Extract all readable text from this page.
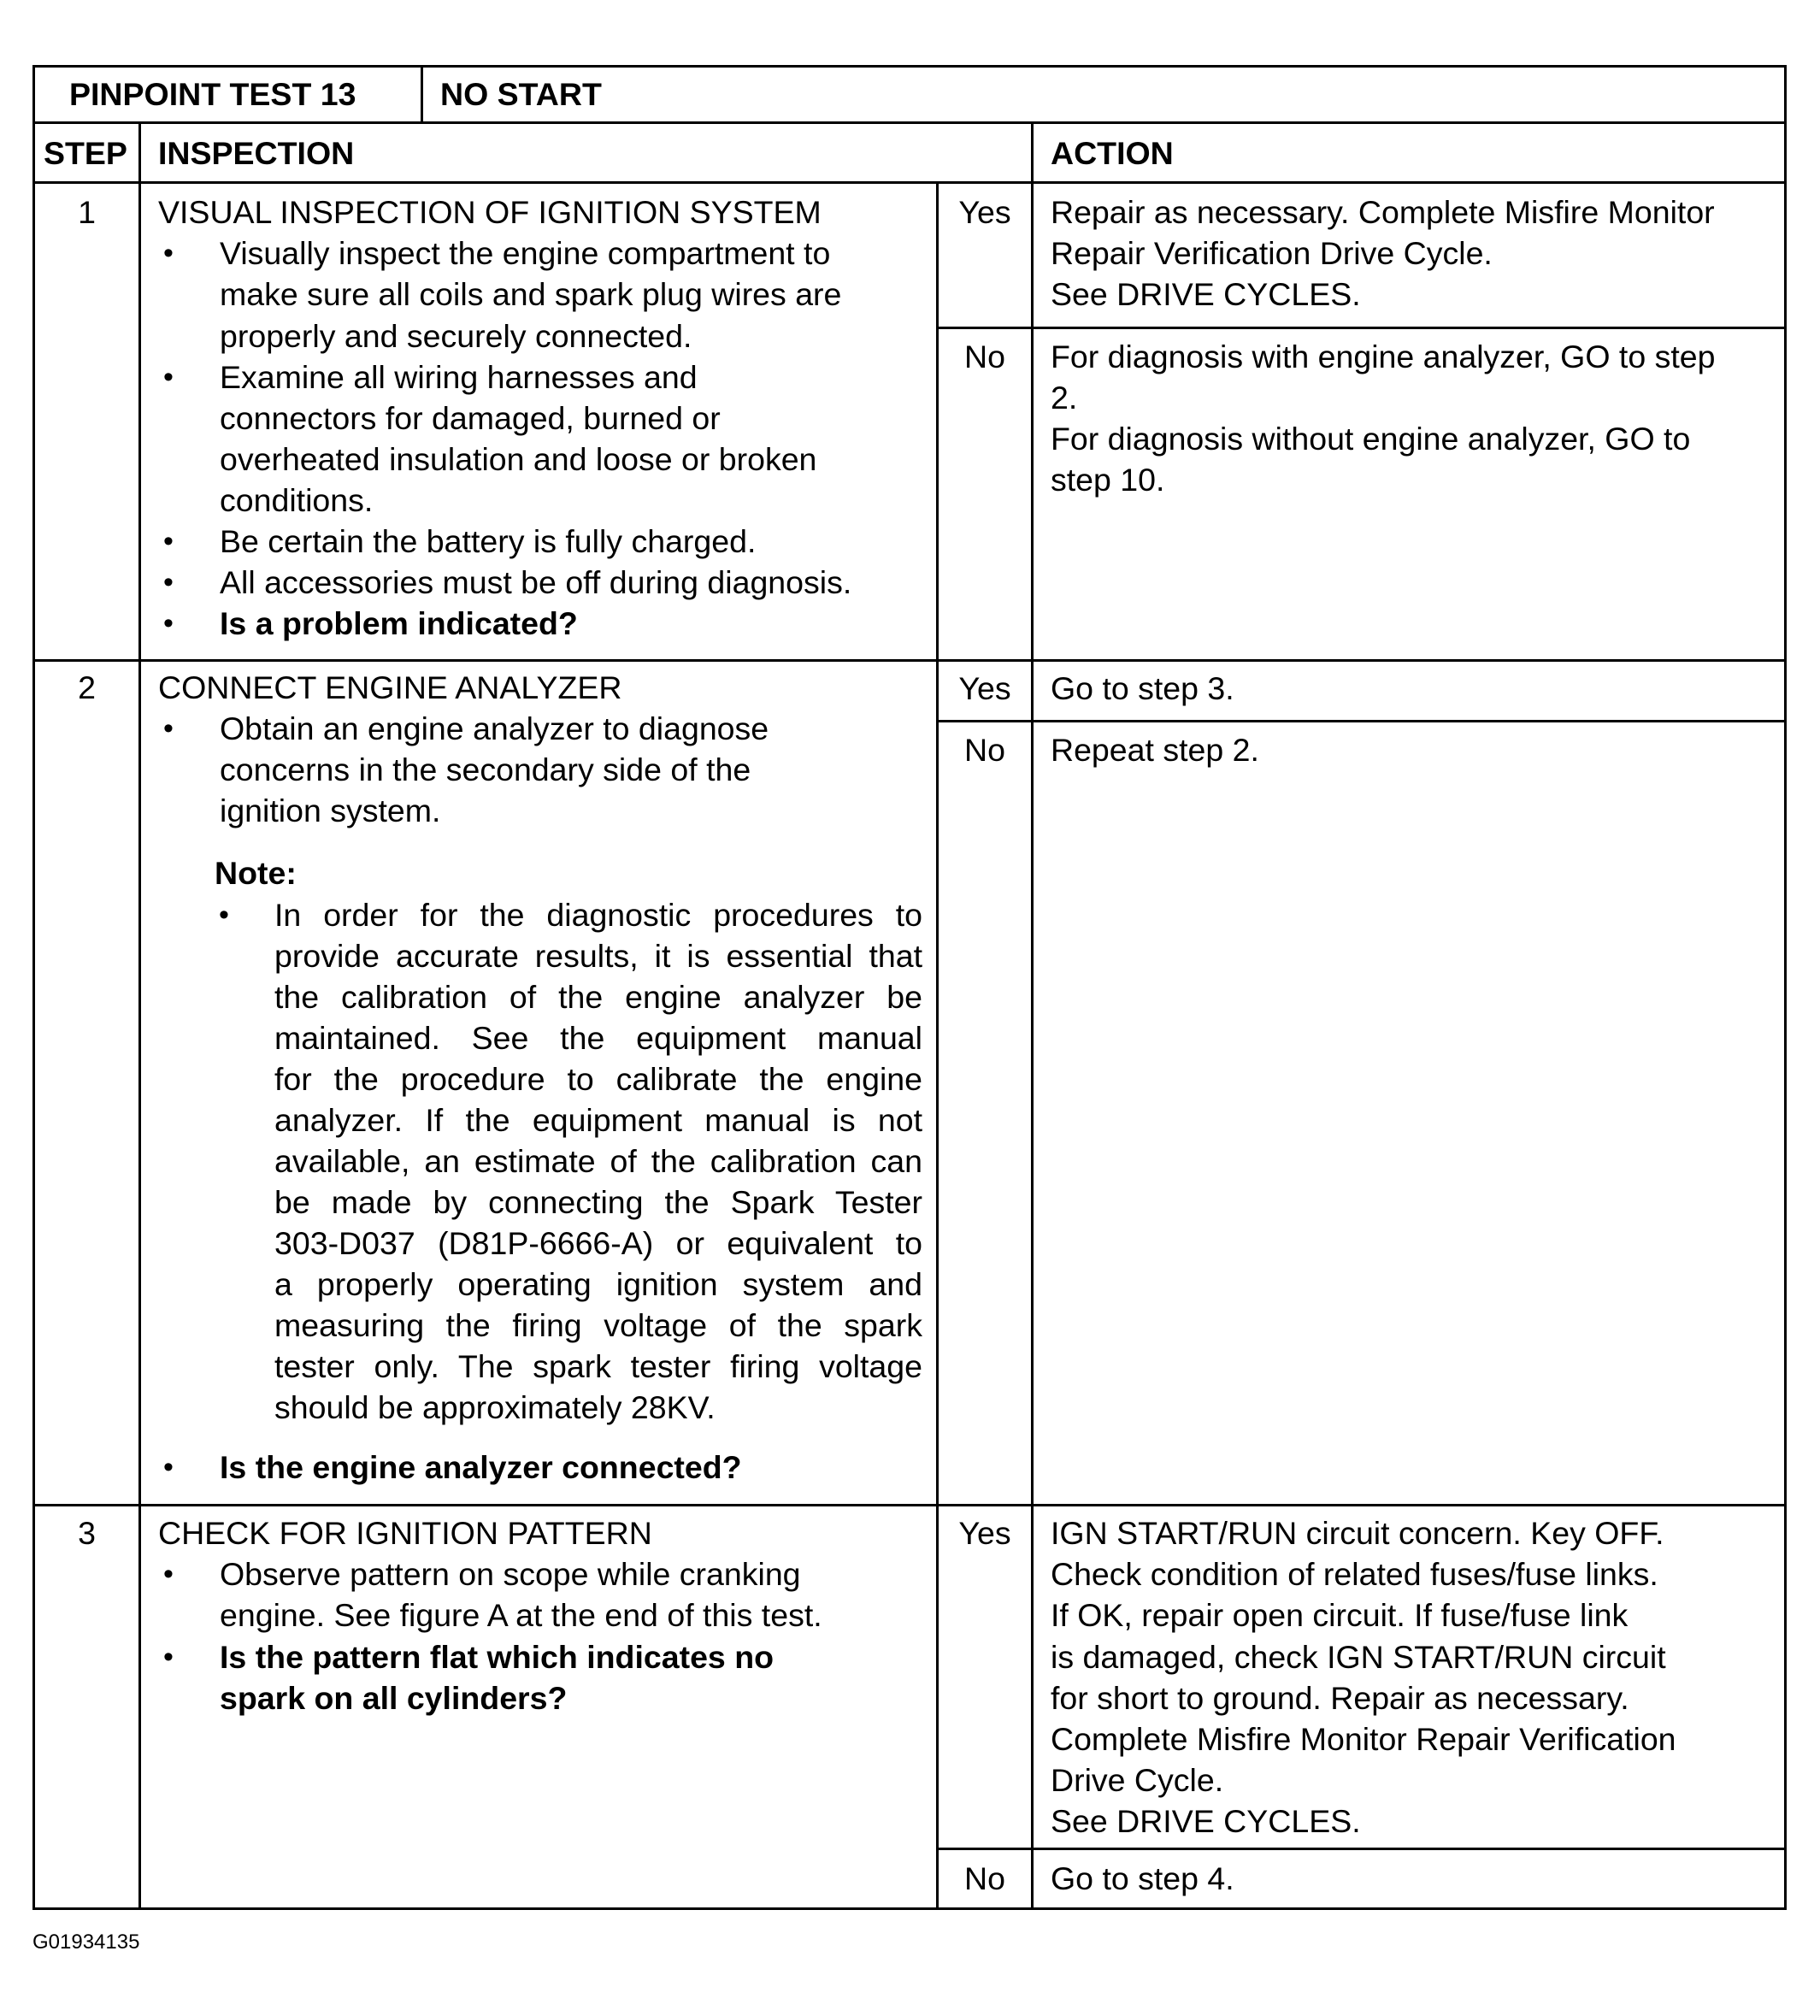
PINPOINT TEST 13	NO START
STEP INSPECTION	ACTION
1	VISUAL INSPECTION OF IGNITION SYSTEM
• Visually inspect the engine compartment to
make sure all coils and spark plug wires are
properly and securely connected.
• Examine all wiring harnesses and
connectors for damaged, burned or
overheated insulation and loose or broken
conditions.
• Be certain the battery is fully charged.
• All accessories must be off during diagnosis.
• Is a problem indicated?
Yes	Repair as necessary. Complete Misfire Monitor
Repair Verification Drive Cycle.
See DRIVE CYCLES.
No	For diagnosis with engine analyzer, GO to step
2.
For diagnosis without engine analyzer, GO to
step 10.
2	CONNECT ENGINE ANALYZER
• Obtain an engine analyzer to diagnose
concerns in the secondary side of the
ignition system.
Note:
• In order for the diagnostic procedures to
provide accurate results, it is essential that
the calibration of the engine analyzer be
maintained. See the equipment manual
for the procedure to calibrate the engine
analyzer. If the equipment manual is not
available, an estimate of the calibration can
be made by connecting the Spark Tester
303-D037 (D81P-6666-A) or equivalent to
a properly operating ignition system and
measuring the firing voltage of the spark
tester only. The spark tester firing voltage
should be approximately 28KV.
• Is the engine analyzer connected?
Yes	Go to step 3.
No	Repeat step 2.
3	CHECK FOR IGNITION PATTERN
• Observe pattern on scope while cranking
engine. See figure A at the end of this test.
• Is the pattern flat which indicates no
spark on all cylinders?
Yes	IGN START/RUN circuit concern. Key OFF.
Check condition of related fuses/fuse links.
If OK, repair open circuit. If fuse/fuse link
is damaged, check IGN START/RUN circuit
for short to ground. Repair as necessary.
Complete Misfire Monitor Repair Verification
Drive Cycle.
See DRIVE CYCLES.
No	Go to step 4.
G01934135
